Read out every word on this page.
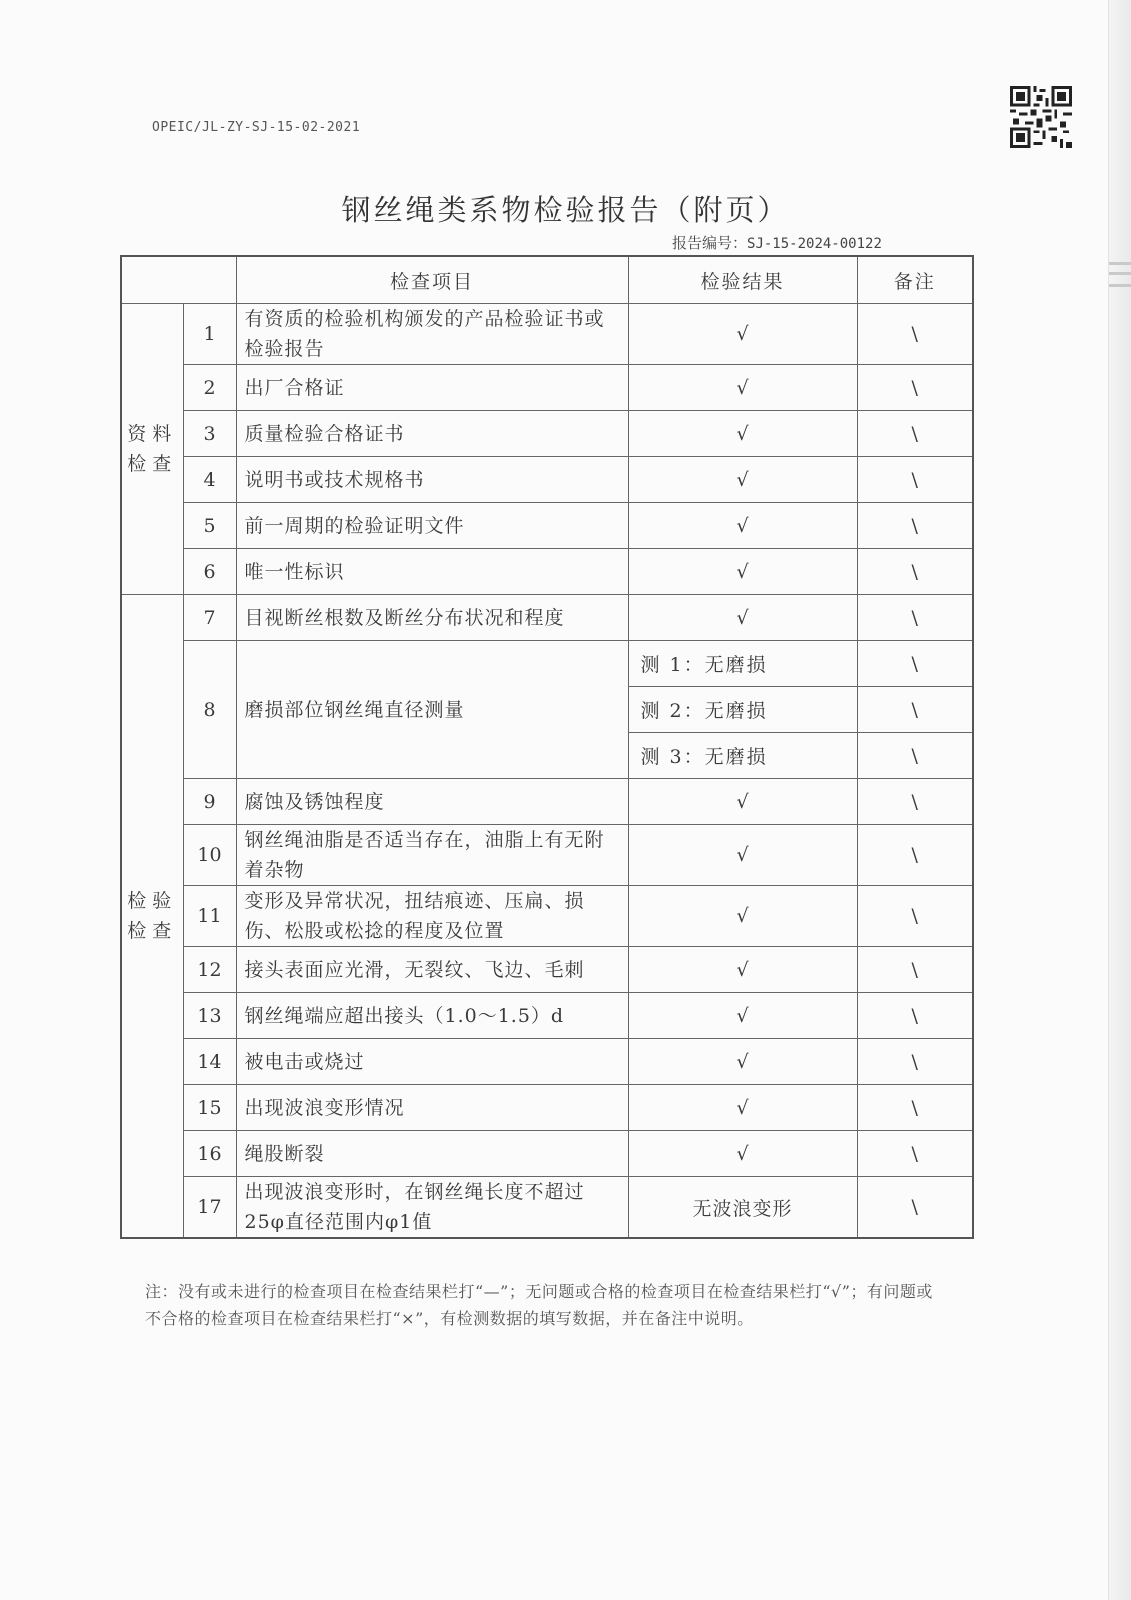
OPEIC/JL-ZY-SJ-15-02-2021
钢丝绳类系物检验报告（附页）
报告编号：SJ-15-2024-00122
		检查项目	检验结果	备注
资料检查	1	有资质的检验机构颁发的产品检验证书或检验报告	√	\
	2	出厂合格证	√	\
	3	质量检验合格证书	√	\
	4	说明书或技术规格书	√	\
	5	前一周期的检验证明文件	√	\
	6	唯一性标识	√	\
检验检查	7	目视断丝根数及断丝分布状况和程度	√	\
	8	磨损部位钢丝绳直径测量	测 1：无磨损	\
			测 2：无磨损	\
			测 3：无磨损	\
	9	腐蚀及锈蚀程度	√	\
	10	钢丝绳油脂是否适当存在，油脂上有无附着杂物	√	\
	11	变形及异常状况，扭结痕迹、压扁、损伤、松股或松捻的程度及位置	√	\
	12	接头表面应光滑，无裂纹、飞边、毛刺	√	\
	13	钢丝绳端应超出接头（1.0～1.5）d	√	\
	14	被电击或烧过	√	\
	15	出现波浪变形情况	√	\
	16	绳股断裂	√	\
	17	出现波浪变形时，在钢丝绳长度不超过25φ直径范围内φ1值	无波浪变形	\
注：没有或未进行的检查项目在检查结果栏打“—”；无问题或合格的检查项目在检查结果栏打“√”；有问题或不合格的检查项目在检查结果栏打“×”，有检测数据的填写数据，并在备注中说明。
